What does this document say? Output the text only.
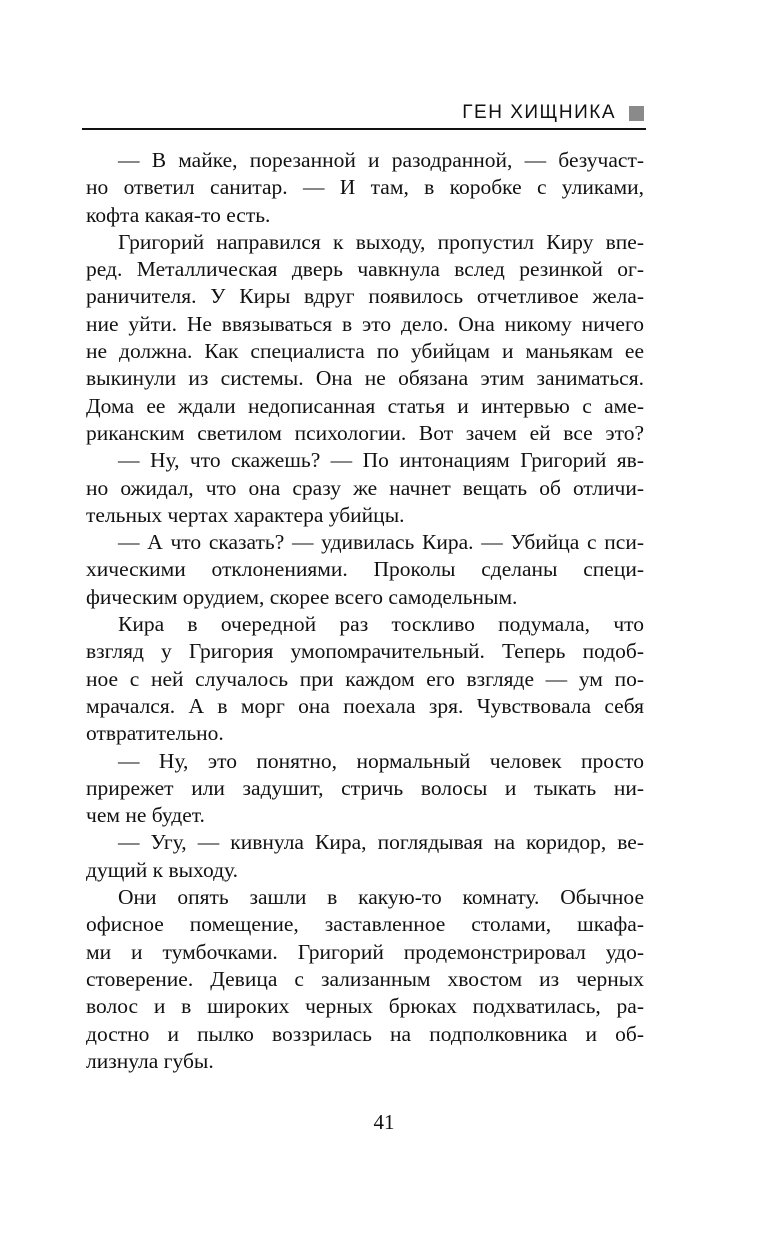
ГЕН ХИЩНИКА
— В майке, порезанной и разодранной, — безучаст-
но ответил санитар. — И там, в коробке с уликами,
кофта какая-то есть.
Григорий направился к выходу, пропустил Киру впе-
ред. Металлическая дверь чавкнула вслед резинкой ог-
раничителя. У Киры вдруг появилось отчетливое жела-
ние уйти. Не ввязываться в это дело. Она никому ничего
не должна. Как специалиста по убийцам и маньякам ее
выкинули из системы. Она не обязана этим заниматься.
Дома ее ждали недописанная статья и интервью с аме-
риканским светилом психологии. Вот зачем ей все это?
— Ну, что скажешь? — По интонациям Григорий яв-
но ожидал, что она сразу же начнет вещать об отличи-
тельных чертах характера убийцы.
— А что сказать? — удивилась Кира. — Убийца с пси-
хическими отклонениями. Проколы сделаны специ-
фическим орудием, скорее всего самодельным.
Кира в очередной раз тоскливо подумала, что
взгляд у Григория умопомрачительный. Теперь подоб-
ное с ней случалось при каждом его взгляде — ум по-
мрачался. А в морг она поехала зря. Чувствовала себя
отвратительно.
— Ну, это понятно, нормальный человек просто
прирежет или задушит, стричь волосы и тыкать ни-
чем не будет.
— Угу, — кивнула Кира, поглядывая на коридор, ве-
дущий к выходу.
Они опять зашли в какую-то комнату. Обычное
офисное помещение, заставленное столами, шкафа-
ми и тумбочками. Григорий продемонстрировал удо-
стоверение. Девица с зализанным хвостом из черных
волос и в широких черных брюках подхватилась, ра-
достно и пылко воззрилась на подполковника и об-
лизнула губы.
41
